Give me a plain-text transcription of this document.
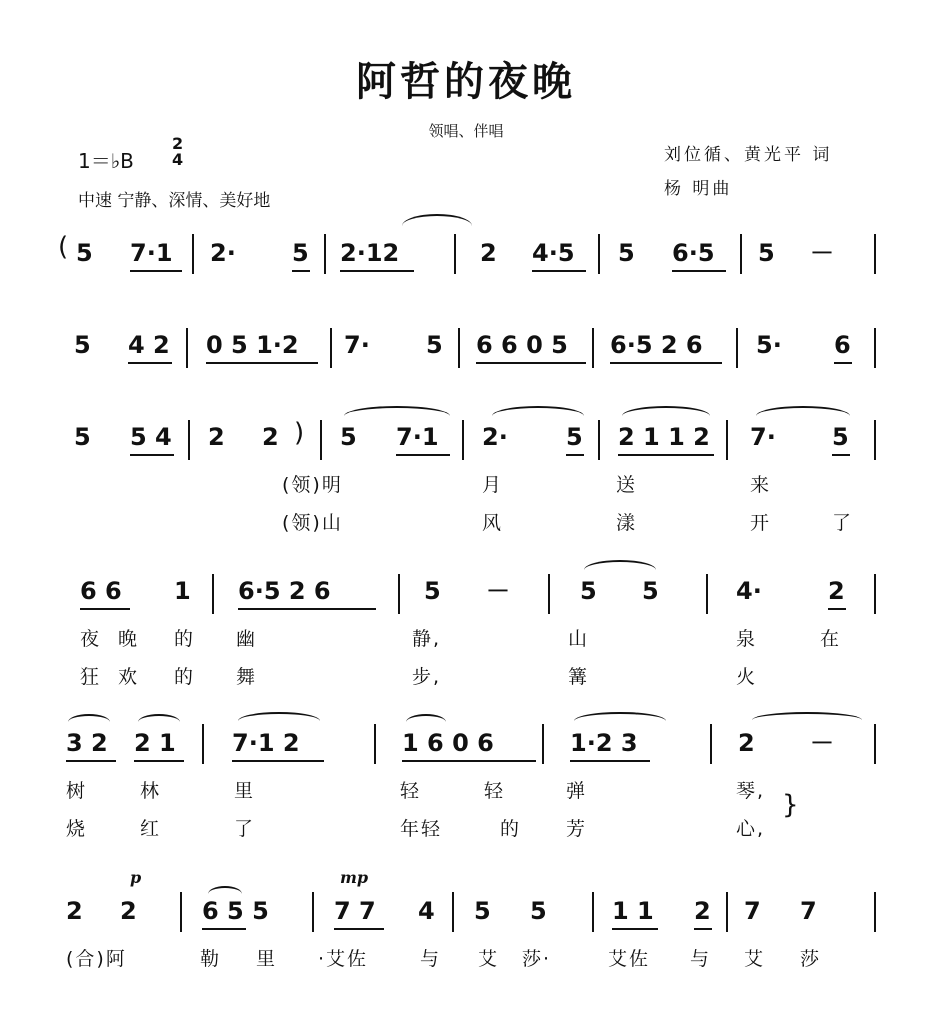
阿哲的夜晚
领唱、伴唱
1＝♭B
2
4
中速 宁静、深情、美好地
刘位循、黄光平 词
杨 明曲
( 5 7·1 2· 5 2·12	2 4·5 5 6·5 5 －
5 4 2 0 5 1·2 7· 5 6 6 0 5 6·5 2 6 5· 6
5 5 4 2 2 ) 5 7·1 2· 5 2 1 1 2 7· 5
(领)明	月	送	来
(领)山	风	漾	开	了
6 6 1 6·5 2 6	5 －	5 5	4·	2
夜 晚 的 幽	静,	山	泉	在
狂 欢 的 舞	步,	篝	火
3 2 2 1 7·1 2	1 6 0 6	1·2 3	2 －
树	林	里	轻	轻	弹	琴,
烧	红	了	年轻	的 芳	心,
}
p	mp
2 2	6 5 5	7 7 4 5 5	1 1 2 7 7
(合)阿	勒 里 ·艾佐	与 艾 莎·	艾佐 与 艾 莎
